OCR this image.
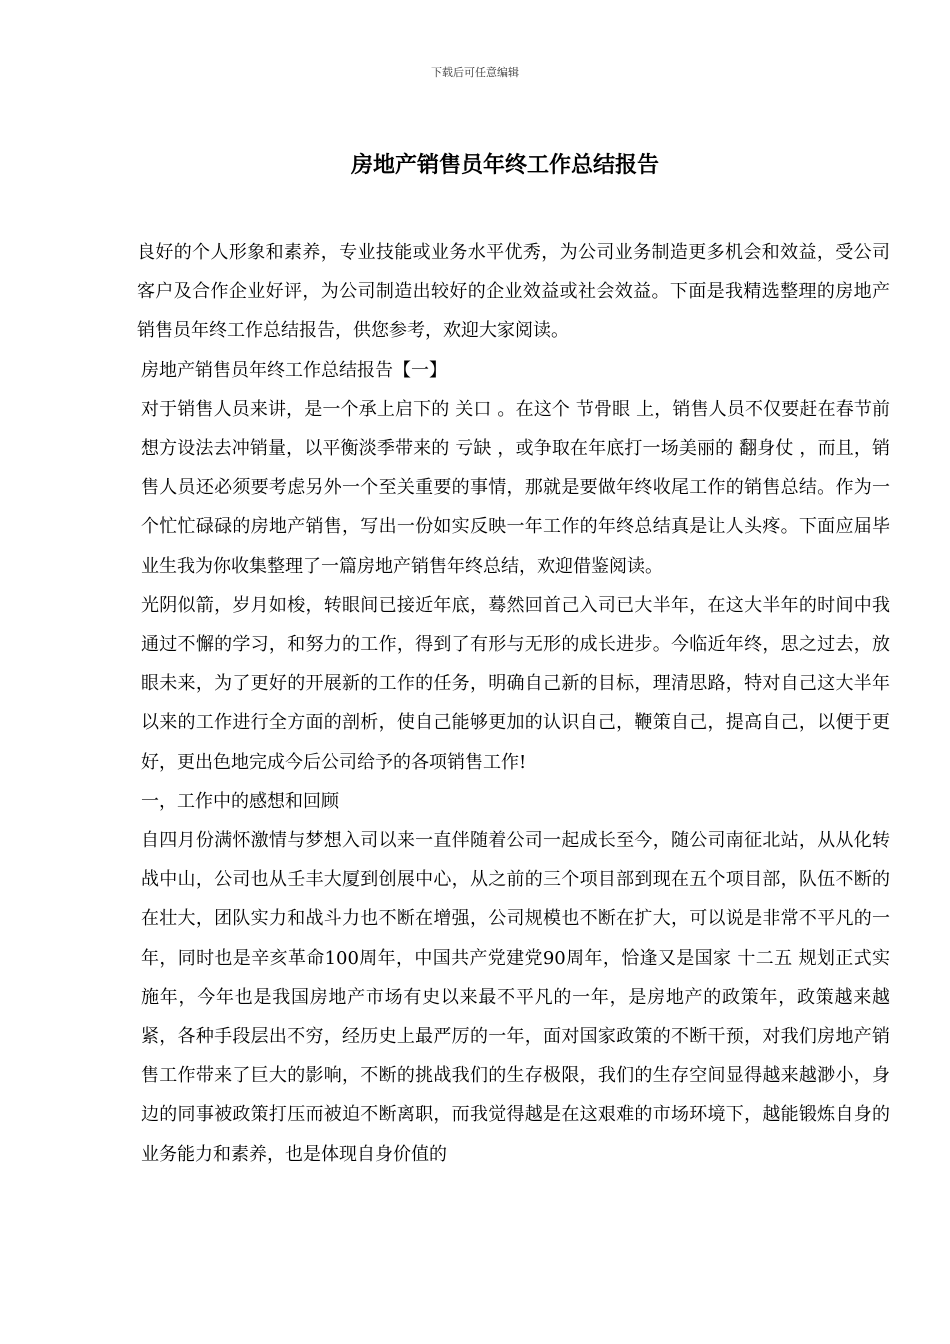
下载后可任意编辑
房地产销售员年终工作总结报告

良好的个人形象和素养，专业技能或业务水平优秀，为公司业务制造更多机会和效益，受公司客户及合作企业好评，为公司制造出较好的企业效益或社会效益。下面是我精选整理的房地产销售员年终工作总结报告，供您参考，欢迎大家阅读。

房地产销售员年终工作总结报告【一】

对于销售人员来讲，是一个承上启下的 关口 。在这个 节骨眼 上，销售人员不仅要赶在春节前想方设法去冲销量，以平衡淡季带来的 亏缺 ，或争取在年底打一场美丽的 翻身仗 ，而且，销售人员还必须要考虑另外一个至关重要的事情，那就是要做年终收尾工作的销售总结。作为一个忙忙碌碌的房地产销售，写出一份如实反映一年工作的年终总结真是让人头疼。下面应届毕业生我为你收集整理了一篇房地产销售年终总结，欢迎借鉴阅读。

光阴似箭，岁月如梭，转眼间已接近年底，蓦然回首己入司已大半年，在这大半年的时间中我通过不懈的学习，和努力的工作，得到了有形与无形的成长进步。今临近年终，思之过去，放眼未来，为了更好的开展新的工作的任务，明确自己新的目标，理清思路，特对自己这大半年以来的工作进行全方面的剖析，使自己能够更加的认识自己，鞭策自己，提高自己，以便于更好，更出色地完成今后公司给予的各项销售工作!

一，工作中的感想和回顾

自四月份满怀激情与梦想入司以来一直伴随着公司一起成长至今，随公司南征北站，从从化转战中山，公司也从壬丰大厦到创展中心，从之前的三个项目部到现在五个项目部，队伍不断的在壮大，团队实力和战斗力也不断在增强，公司规模也不断在扩大，可以说是非常不平凡的一年，同时也是辛亥革命100周年，中国共产党建党90周年，恰逢又是国家 十二五 规划正式实施年，今年也是我国房地产市场有史以来最不平凡的一年，是房地产的政策年，政策越来越紧，各种手段层出不穷，经历史上最严厉的一年，面对国家政策的不断干预，对我们房地产销售工作带来了巨大的影响，不断的挑战我们的生存极限，我们的生存空间显得越来越渺小，身边的同事被政策打压而被迫不断离职，而我觉得越是在这艰难的市场环境下，越能锻炼自身的业务能力和素养，也是体现自身价值的
